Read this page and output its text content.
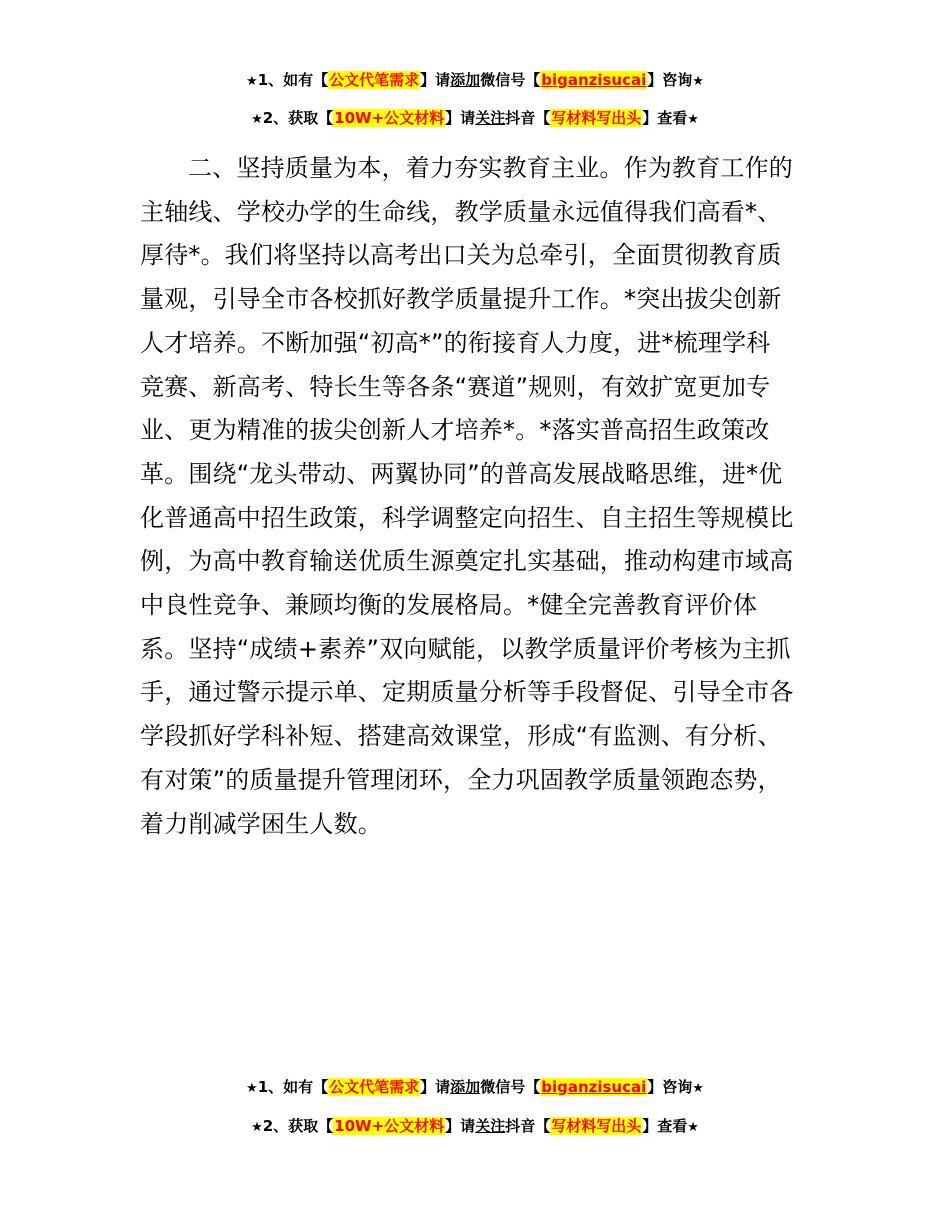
★1、如有【公文代笔需求】请添加微信号【biganzisucai】咨询★
★2、获取【10W+公文材料】请关注抖音【写材料写出头】查看★
二、坚持质量为本，着力夯实教育主业。作为教育工作的
主轴线、学校办学的生命线，教学质量永远值得我们高看*、
厚待*。我们将坚持以高考出口关为总牵引，全面贯彻教育质
量观，引导全市各校抓好教学质量提升工作。*突出拔尖创新
人才培养。不断加强“初高*”的衔接育人力度，进*梳理学科
竞赛、新高考、特长生等各条“赛道”规则，有效扩宽更加专
业、更为精准的拔尖创新人才培养*。*落实普高招生政策改
革。围绕“龙头带动、两翼协同”的普高发展战略思维，进*优
化普通高中招生政策，科学调整定向招生、自主招生等规模比
例，为高中教育输送优质生源奠定扎实基础，推动构建市域高
中良性竞争、兼顾均衡的发展格局。*健全完善教育评价体
系。坚持“成绩+素养”双向赋能，以教学质量评价考核为主抓
手，通过警示提示单、定期质量分析等手段督促、引导全市各
学段抓好学科补短、搭建高效课堂，形成“有监测、有分析、
有对策”的质量提升管理闭环，全力巩固教学质量领跑态势，
着力削减学困生人数。
★1、如有【公文代笔需求】请添加微信号【biganzisucai】咨询★
★2、获取【10W+公文材料】请关注抖音【写材料写出头】查看★
